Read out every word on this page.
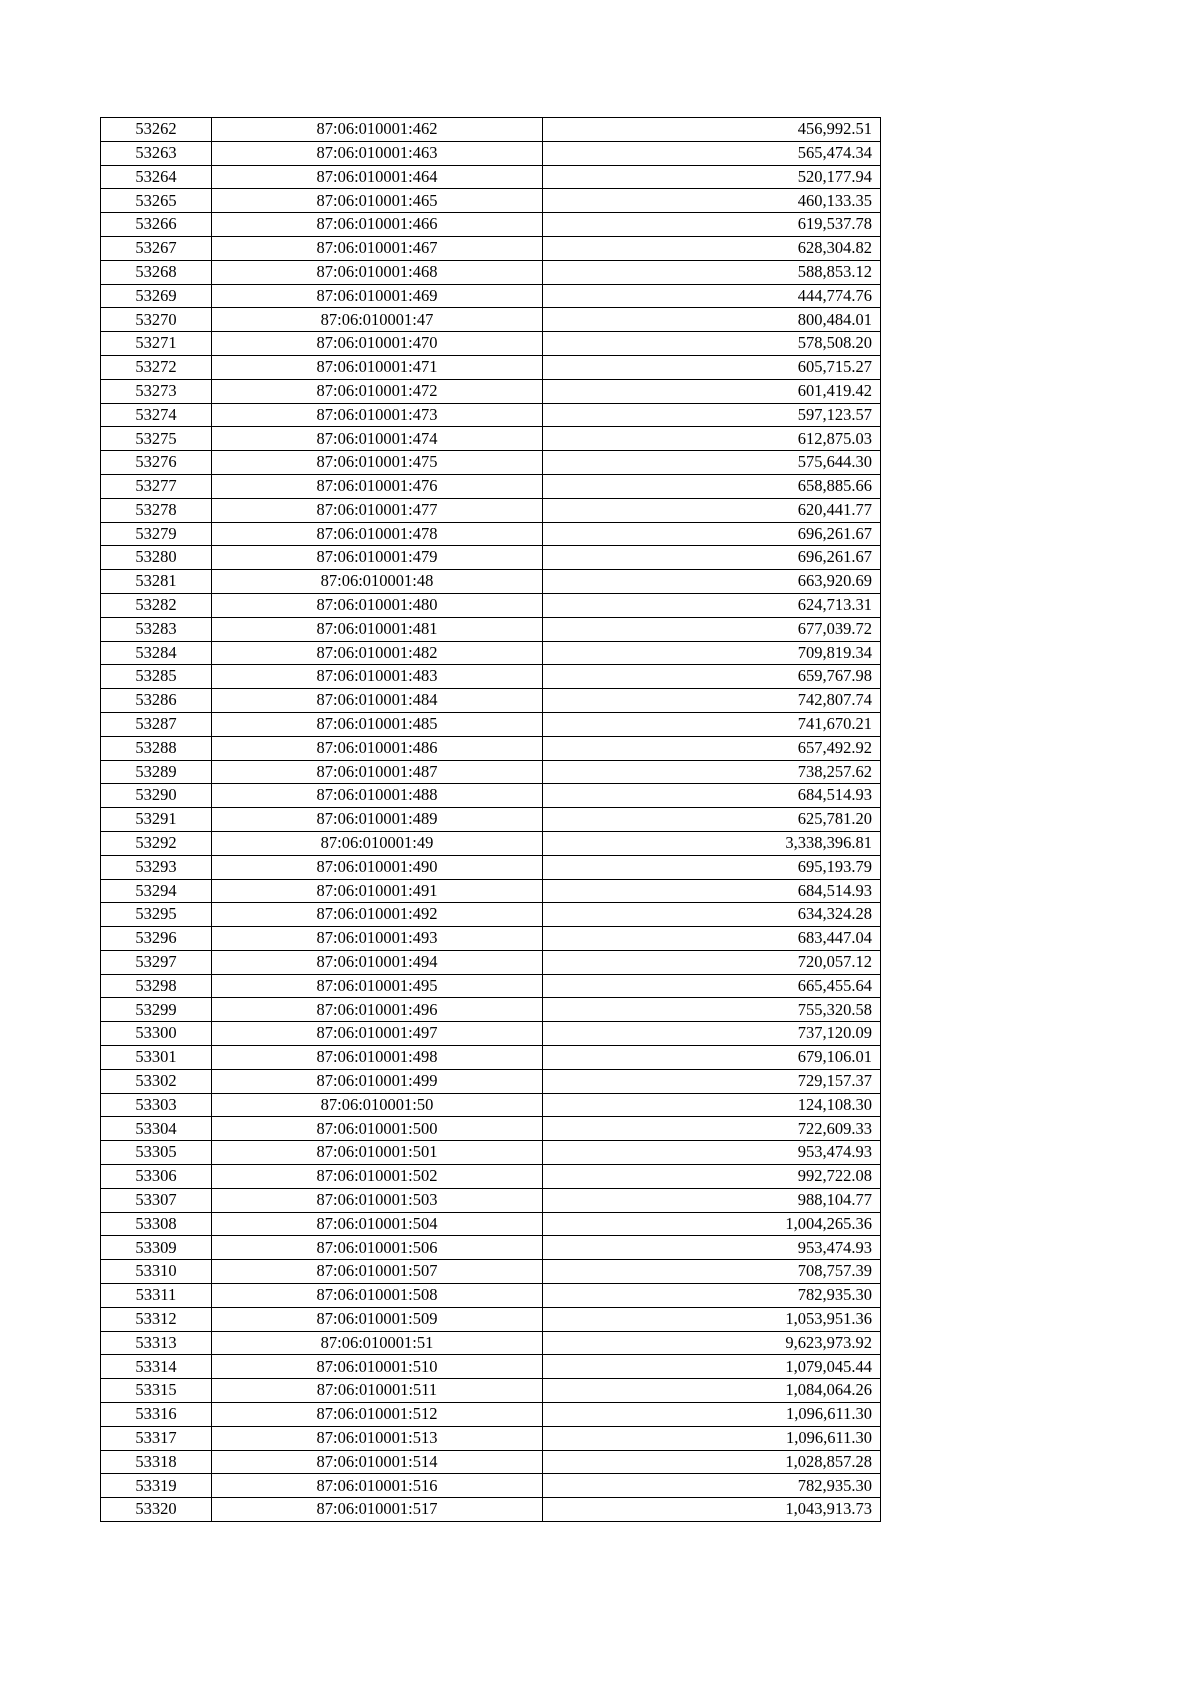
53262	87:06:010001:462	456,992.51
53263	87:06:010001:463	565,474.34
53264	87:06:010001:464	520,177.94
53265	87:06:010001:465	460,133.35
53266	87:06:010001:466	619,537.78
53267	87:06:010001:467	628,304.82
53268	87:06:010001:468	588,853.12
53269	87:06:010001:469	444,774.76
53270	87:06:010001:47	800,484.01
53271	87:06:010001:470	578,508.20
53272	87:06:010001:471	605,715.27
53273	87:06:010001:472	601,419.42
53274	87:06:010001:473	597,123.57
53275	87:06:010001:474	612,875.03
53276	87:06:010001:475	575,644.30
53277	87:06:010001:476	658,885.66
53278	87:06:010001:477	620,441.77
53279	87:06:010001:478	696,261.67
53280	87:06:010001:479	696,261.67
53281	87:06:010001:48	663,920.69
53282	87:06:010001:480	624,713.31
53283	87:06:010001:481	677,039.72
53284	87:06:010001:482	709,819.34
53285	87:06:010001:483	659,767.98
53286	87:06:010001:484	742,807.74
53287	87:06:010001:485	741,670.21
53288	87:06:010001:486	657,492.92
53289	87:06:010001:487	738,257.62
53290	87:06:010001:488	684,514.93
53291	87:06:010001:489	625,781.20
53292	87:06:010001:49	3,338,396.81
53293	87:06:010001:490	695,193.79
53294	87:06:010001:491	684,514.93
53295	87:06:010001:492	634,324.28
53296	87:06:010001:493	683,447.04
53297	87:06:010001:494	720,057.12
53298	87:06:010001:495	665,455.64
53299	87:06:010001:496	755,320.58
53300	87:06:010001:497	737,120.09
53301	87:06:010001:498	679,106.01
53302	87:06:010001:499	729,157.37
53303	87:06:010001:50	124,108.30
53304	87:06:010001:500	722,609.33
53305	87:06:010001:501	953,474.93
53306	87:06:010001:502	992,722.08
53307	87:06:010001:503	988,104.77
53308	87:06:010001:504	1,004,265.36
53309	87:06:010001:506	953,474.93
53310	87:06:010001:507	708,757.39
53311	87:06:010001:508	782,935.30
53312	87:06:010001:509	1,053,951.36
53313	87:06:010001:51	9,623,973.92
53314	87:06:010001:510	1,079,045.44
53315	87:06:010001:511	1,084,064.26
53316	87:06:010001:512	1,096,611.30
53317	87:06:010001:513	1,096,611.30
53318	87:06:010001:514	1,028,857.28
53319	87:06:010001:516	782,935.30
53320	87:06:010001:517	1,043,913.73
